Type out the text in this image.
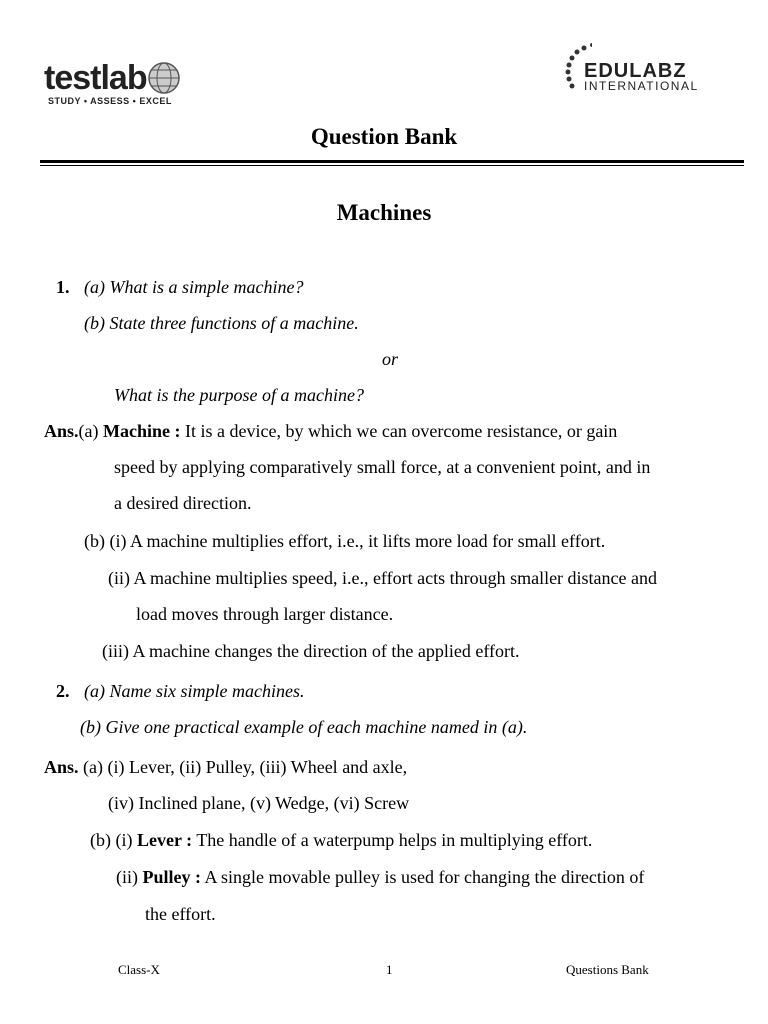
testlab
STUDY • ASSESS • EXCEL
EDULABZ
INTERNATIONAL
Question Bank
Machines
1. (a) What is a simple machine?
(b) State three functions of a machine.
or
What is the purpose of a machine?
Ans.(a) Machine : It is a device, by which we can overcome resistance, or gain
speed by applying comparatively small force, at a convenient point, and in
a desired direction.
(b) (i) A machine multiplies effort, i.e., it lifts more load for small effort.
(ii) A machine multiplies speed, i.e., effort acts through smaller distance and
load moves through larger distance.
(iii) A machine changes the direction of the applied effort.
2. (a) Name six simple machines.
(b) Give one practical example of each machine named in (a).
Ans. (a) (i) Lever, (ii) Pulley, (iii) Wheel and axle,
(iv) Inclined plane, (v) Wedge, (vi) Screw
(b) (i) Lever : The handle of a waterpump helps in multiplying effort.
(ii) Pulley : A single movable pulley is used for changing the direction of
the effort.
Class-X	1	Questions Bank
